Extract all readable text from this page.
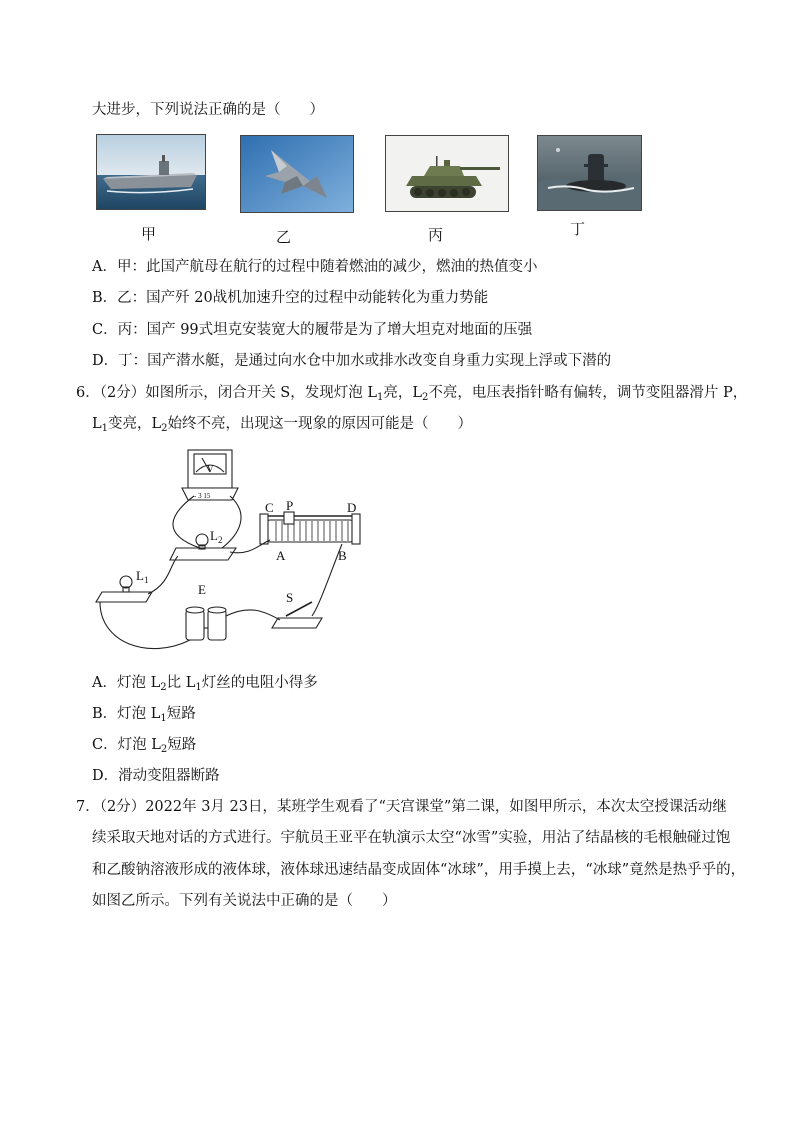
大进步，下列说法正确的是（　　）
甲	乙	丙	丁
A．甲：此国产航母在航行的过程中随着燃油的减少，燃油的热值变小
B．乙：国产歼 20战机加速升空的过程中动能转化为重力势能
C．丙：国产 99式坦克安装宽大的履带是为了增大坦克对地面的压强
D．丁：国产潜水艇，是通过向水仓中加水或排水改变自身重力实现上浮或下潜的
6．（2分）如图所示，闭合开关 S，发现灯泡 $L_1$亮，$L_2$不亮，电压表指针略有偏转，调节变阻器滑片 P，
$L_1$变亮，$L_2$始终不亮，出现这一现象的原因可能是（　　）
V
- 3 15
C P	D
A	B
$L_2$
$L_1$
E
S
A．灯泡 $L_2$比 $L_1$灯丝的电阻小得多
B．灯泡 $L_1$短路
C．灯泡 $L_2$短路
D．滑动变阻器断路
7．（2分）2022年 3月 23日，某班学生观看了“天宫课堂”第二课，如图甲所示，本次太空授课活动继
续采取天地对话的方式进行。宇航员王亚平在轨演示太空“冰雪”实验，用沾了结晶核的毛根触碰过饱
和乙酸钠溶液形成的液体球，液体球迅速结晶变成固体“冰球”，用手摸上去，“冰球”竟然是热乎乎的，
如图乙所示。下列有关说法中正确的是（　　）
